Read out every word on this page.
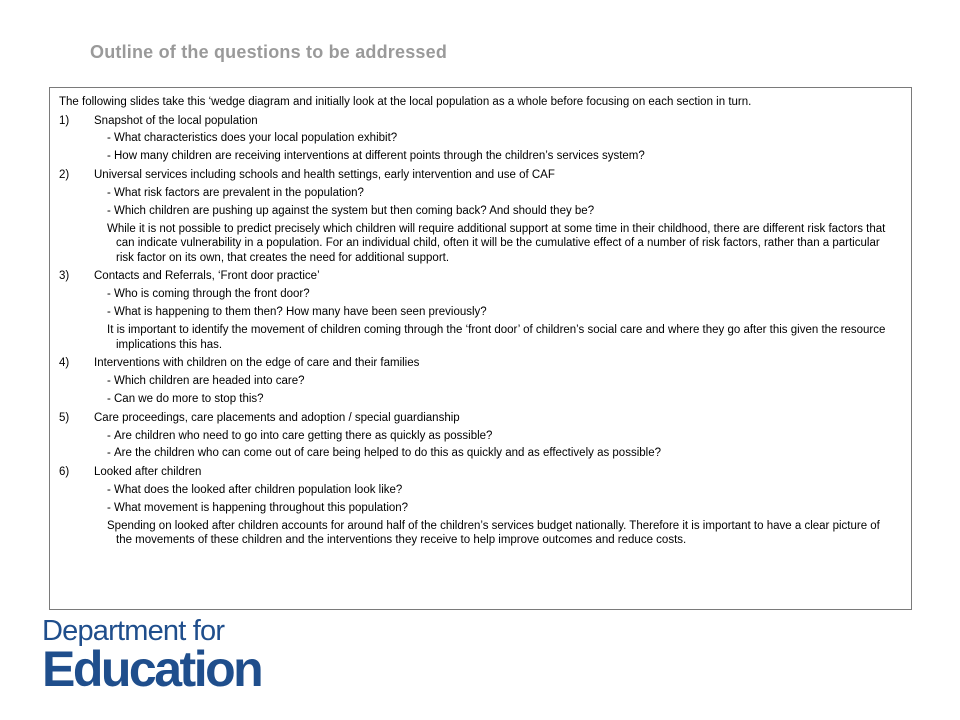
Outline of the questions to be addressed
The following slides take this ‘wedge diagram and initially look at the local population as a whole before focusing on each section in turn.
1)	Snapshot of the local population
- What characteristics does your local population exhibit?
- How many children are receiving interventions at different points through the children’s services system?
2)	Universal services including schools and health settings, early intervention and use of CAF
- What risk factors are prevalent in the population?
- Which children are pushing up against the system but then coming back? And should they be?
While it is not possible to predict precisely which children will require additional support at some time in their childhood, there are different risk factors that can indicate vulnerability in a population. For an individual child, often it will be the cumulative effect of a number of risk factors, rather than a particular risk factor on its own, that creates the need for additional support.
3)	Contacts and Referrals, ‘Front door practice’
- Who is coming through the front door?
- What is happening to them then? How many have been seen previously?
It is important to identify the movement of children coming through the ‘front door’ of children’s social care and where they go after this given the resource implications this has.
4)	Interventions with children on the edge of care and their families
- Which children are headed into care?
- Can we do more to stop this?
5)	Care proceedings, care placements and adoption / special guardianship
- Are children who need to go into care getting there as quickly as possible?
- Are the children who can come out of care being helped to do this as quickly and as effectively as possible?
6)	Looked after children
- What does the looked after children population look like?
- What movement is happening throughout this population?
Spending on looked after children accounts for around half of the children’s services budget nationally. Therefore it is important to have a clear picture of the movements of these children and the interventions they receive to help improve outcomes and reduce costs.
Department for
Education
